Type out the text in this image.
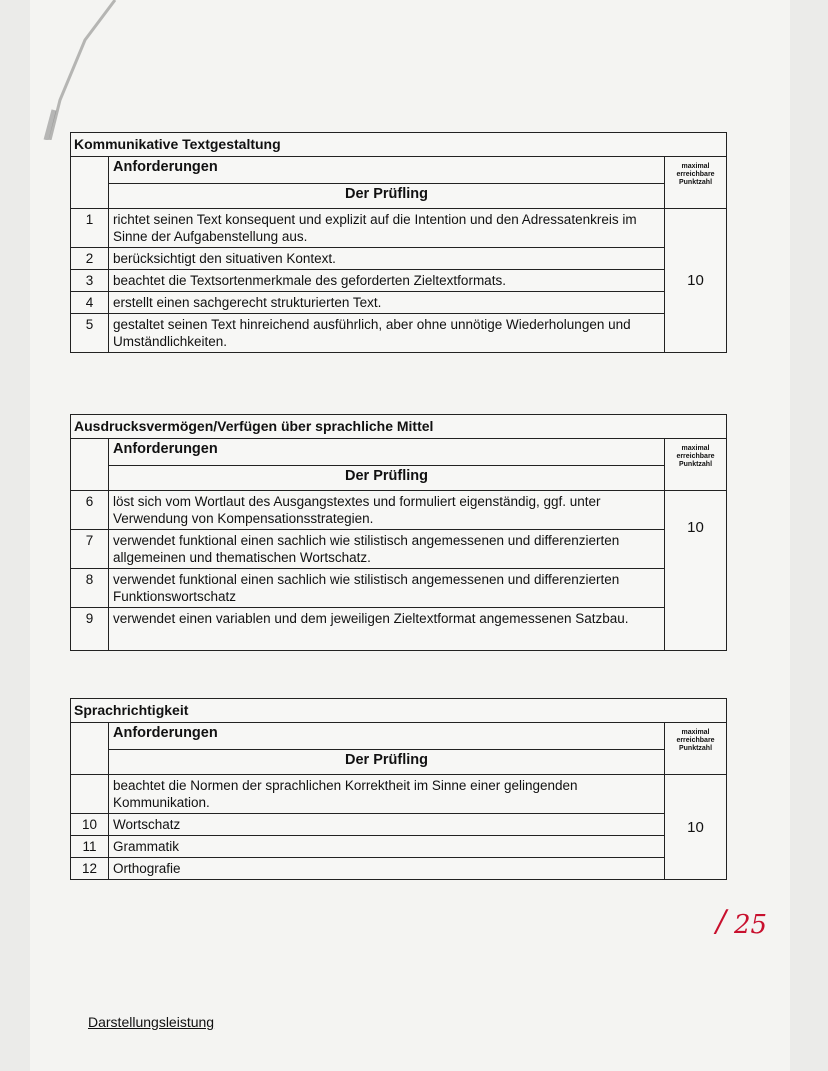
Kommunikative Textgestaltung		
	Anforderungen	maximal erreichbare Punktzahl
	Der Prüfling	
1	richtet seinen Text konsequent und explizit auf die Intention und den Adressatenkreis im Sinne der Aufgabenstellung aus.	10
2	berücksichtigt den situativen Kontext.	
3	beachtet die Textsortenmerkmale des geforderten Zieltextformats.	
4	erstellt einen sachgerecht strukturierten Text.	
5	gestaltet seinen Text hinreichend ausführlich, aber ohne unnötige Wiederholungen und Umständlichkeiten.	
Ausdrucksvermögen/Verfügen über sprachliche Mittel		
	Anforderungen	maximal erreichbare Punktzahl
	Der Prüfling	
6	löst sich vom Wortlaut des Ausgangstextes und formuliert eigenständig, ggf. unter Verwendung von Kompensationsstrategien.	10
7	verwendet funktional einen sachlich wie stilistisch angemessenen und differenzierten allgemeinen und thematischen Wortschatz.	
8	verwendet funktional einen sachlich wie stilistisch angemessenen und differenzierten Funktionswortschatz	
9	verwendet einen variablen und dem jeweiligen Zieltextformat angemessenen Satzbau.	
Sprachrichtigkeit		
	Anforderungen	maximal erreichbare Punktzahl
	Der Prüfling	
	beachtet die Normen der sprachlichen Korrektheit im Sinne einer gelingenden Kommunikation.	10
10	Wortschatz	
11	Grammatik	
12	Orthografie	
/ 25
Darstellungsleistung
